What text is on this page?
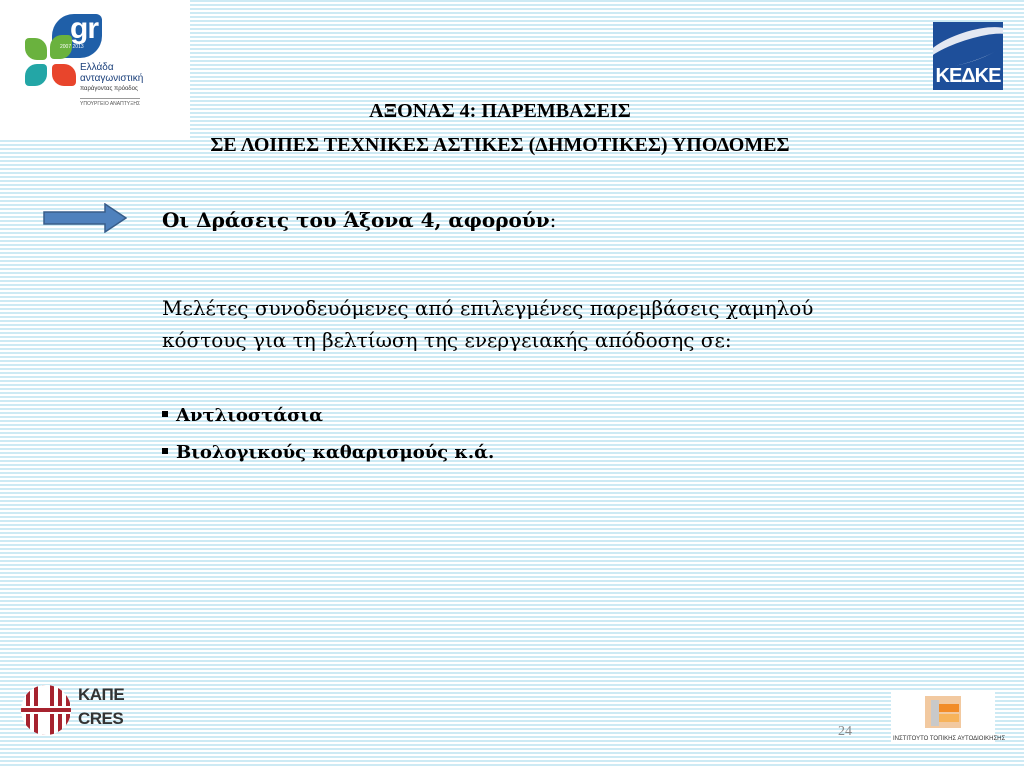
gr
2007 2013
Ελλάδα
ανταγωνιστική
παράγοντας πρόοδος
ΥΠΟΥΡΓΕΙΟ ΑΝΑΠΤΥΞΗΣ
ΚΕΔΚΕ
ΑΞΟΝΑΣ 4: ΠΑΡΕΜΒΑΣΕΙΣ
ΣΕ ΛΟΙΠΕΣ ΤΕΧΝΙΚΕΣ ΑΣΤΙΚΕΣ (ΔΗΜΟΤΙΚΕΣ) ΥΠΟΔΟΜΕΣ
Οι Δράσεις του Άξονα 4, αφορούν:
Μελέτες συνοδευόμενες από επιλεγμένες παρεμβάσεις χαμηλού
κόστους για τη βελτίωση της ενεργειακής απόδοσης σε:
Αντλιοστάσια
Βιολογικούς καθαρισμούς κ.ά.
ΚΑΠΕ
CRES
24	ΙΝΣΤΙΤΟΥΤΟ ΤΟΠΙΚΗΣ ΑΥΤΟΔΙΟΙΚΗΣΗΣ
